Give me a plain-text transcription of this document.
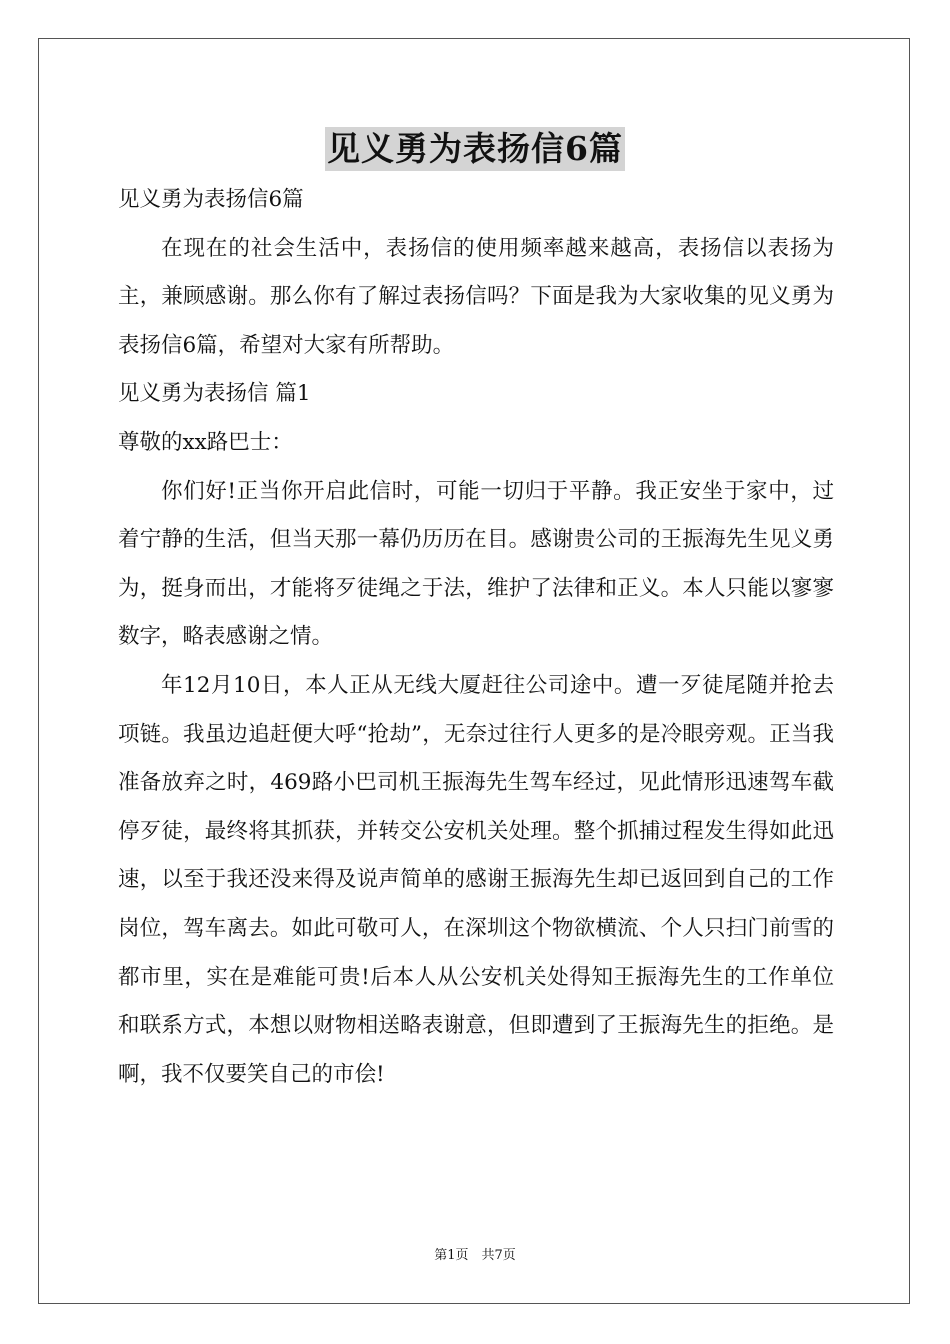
见义勇为表扬信6篇

见义勇为表扬信6篇

在现在的社会生活中，表扬信的使用频率越来越高，表扬信以表扬为主，兼顾感谢。那么你有了解过表扬信吗？下面是我为大家收集的见义勇为表扬信6篇，希望对大家有所帮助。

见义勇为表扬信 篇1

尊敬的xx路巴士：

你们好!正当你开启此信时，可能一切归于平静。我正安坐于家中，过着宁静的生活，但当天那一幕仍历历在目。感谢贵公司的王振海先生见义勇为，挺身而出，才能将歹徒绳之于法，维护了法律和正义。本人只能以寥寥数字，略表感谢之情。

年12月10日，本人正从无线大厦赶往公司途中。遭一歹徒尾随并抢去项链。我虽边追赶便大呼“抢劫”，无奈过往行人更多的是冷眼旁观。正当我准备放弃之时，469路小巴司机王振海先生驾车经过，见此情形迅速驾车截停歹徒，最终将其抓获，并转交公安机关处理。整个抓捕过程发生得如此迅速，以至于我还没来得及说声简单的感谢王振海先生却已返回到自己的工作岗位，驾车离去。如此可敬可人，在深圳这个物欲横流、个人只扫门前雪的都市里，实在是难能可贵!后本人从公安机关处得知王振海先生的工作单位和联系方式，本想以财物相送略表谢意，但即遭到了王振海先生的拒绝。是啊，我不仅要笑自己的市侩!

第1页　共7页
